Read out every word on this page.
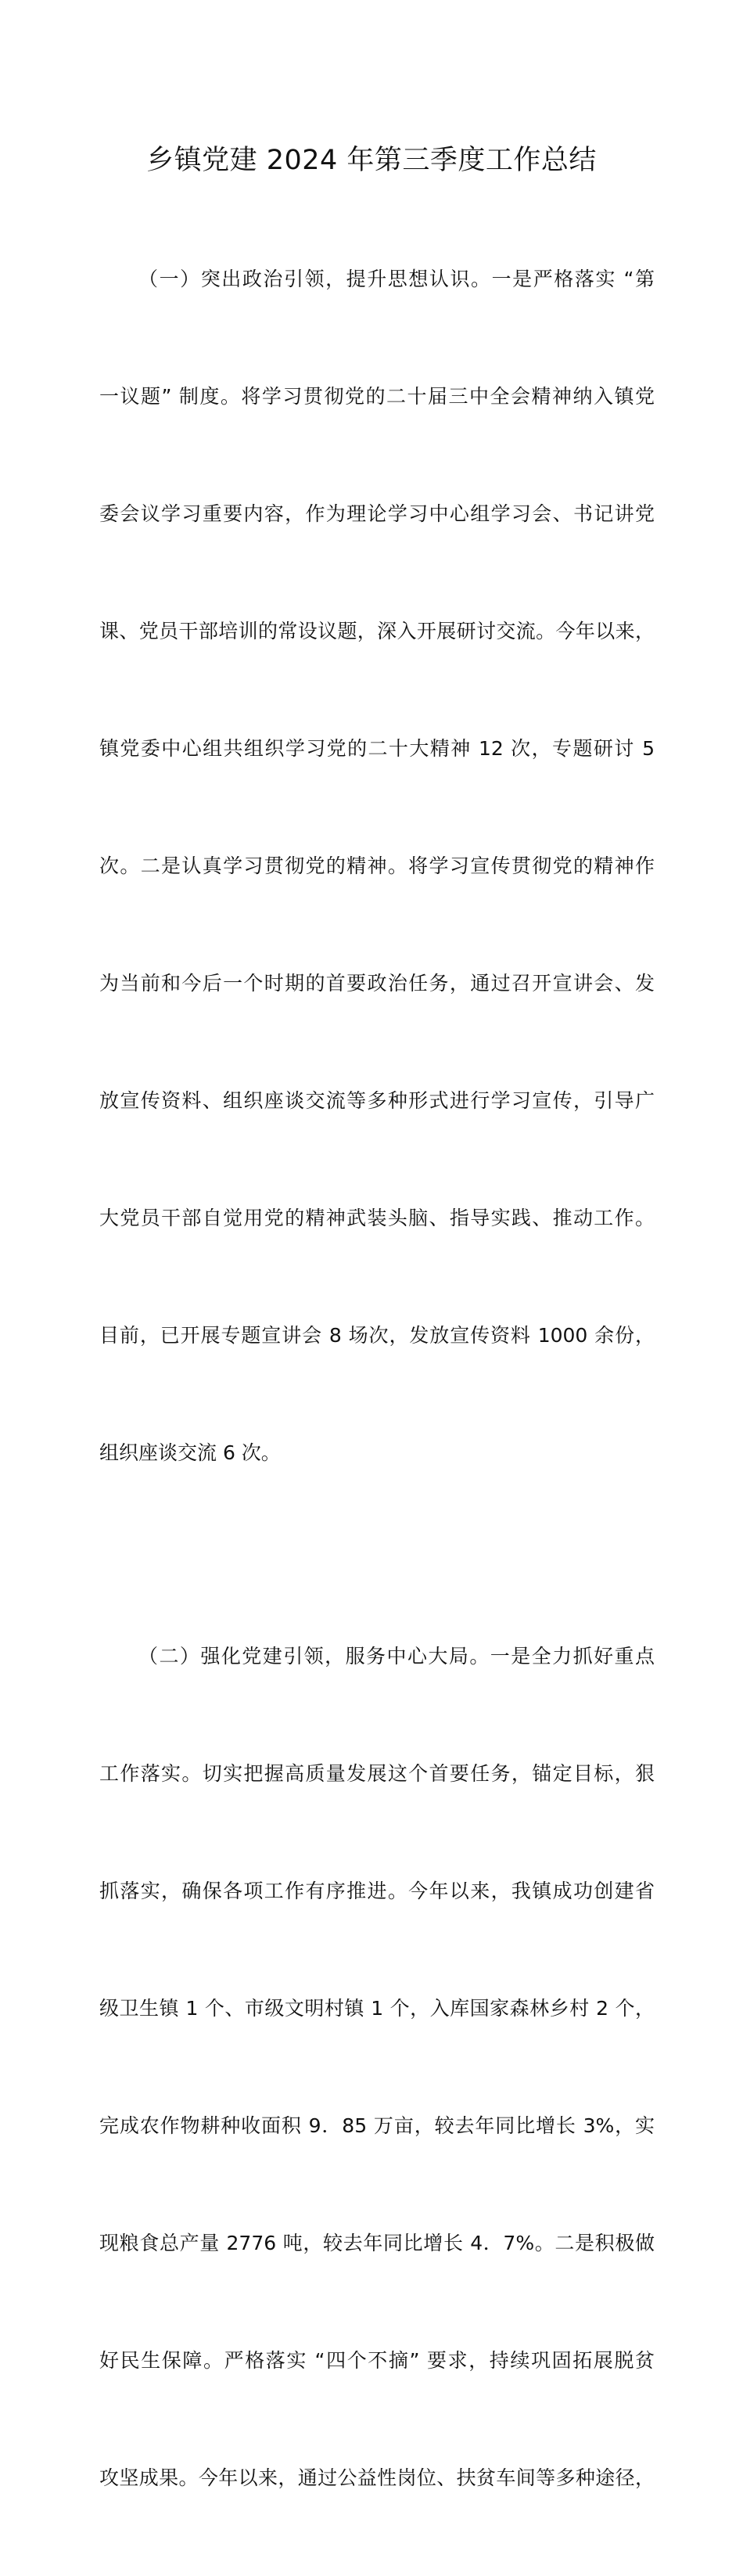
乡镇党建 2024 年第三季度工作总结

（一）突出政治引领，提升思想认识。一是严格落实 “第

一议题” 制度。将学习贯彻党的二十届三中全会精神纳入镇党

委会议学习重要内容，作为理论学习中心组学习会、书记讲党

课、党员干部培训的常设议题，深入开展研讨交流。今年以来，

镇党委中心组共组织学习党的二十大精神 12 次，专题研讨 5

次。二是认真学习贯彻党的精神。将学习宣传贯彻党的精神作

为当前和今后一个时期的首要政治任务，通过召开宣讲会、发

放宣传资料、组织座谈交流等多种形式进行学习宣传，引导广

大党员干部自觉用党的精神武装头脑、指导实践、推动工作。

目前，已开展专题宣讲会 8 场次，发放宣传资料 1000 余份，

组织座谈交流 6 次。

（二）强化党建引领，服务中心大局。一是全力抓好重点

工作落实。切实把握高质量发展这个首要任务，锚定目标，狠

抓落实，确保各项工作有序推进。今年以来，我镇成功创建省

级卫生镇 1 个、市级文明村镇 1 个，入库国家森林乡村 2 个，

完成农作物耕种收面积 9．85 万亩，较去年同比增长 3%，实

现粮食总产量 2776 吨，较去年同比增长 4．7%。二是积极做

好民生保障。严格落实 “四个不摘” 要求，持续巩固拓展脱贫

攻坚成果。今年以来，通过公益性岗位、扶贫车间等多种途径，
